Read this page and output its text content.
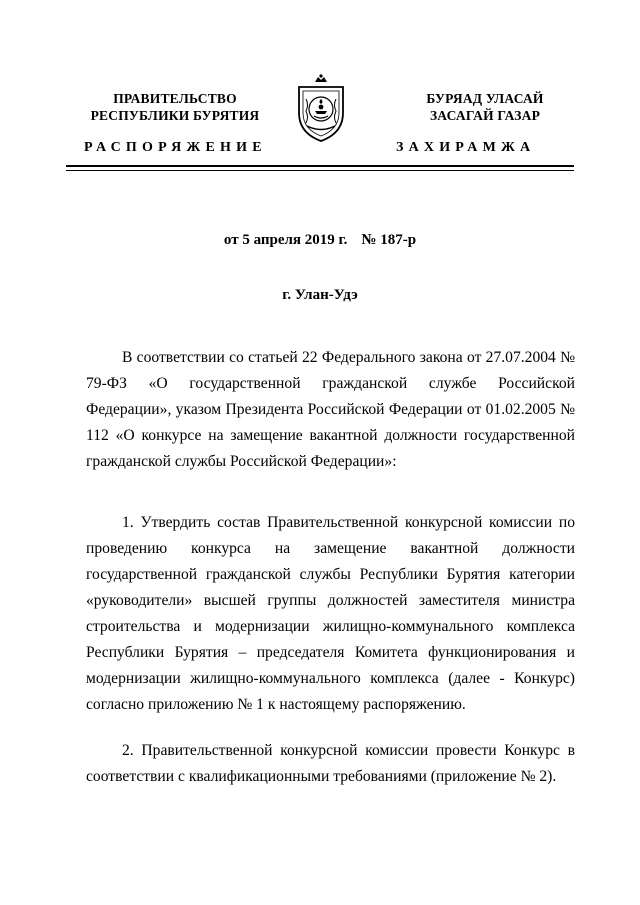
ПРАВИТЕЛЬСТВО
РЕСПУБЛИКИ БУРЯТИЯ
БУРЯАД УЛАСАЙ
ЗАСАГАЙ ГАЗАР
РАСПОРЯЖЕНИЕ	ЗАХИРАМЖА
от 5 апреля 2019 г. № 187-р
г. Улан-Удэ

В соответствии со статьей 22 Федерального закона от 27.07.2004 № 79-ФЗ «О государственной гражданской службе Российской Федерации», указом Президента Российской Федерации от 01.02.2005 № 112 «О конкурсе на замещение вакантной должности государственной гражданской службы Российской Федерации»:

1. Утвердить состав Правительственной конкурсной комиссии по проведению конкурса на замещение вакантной должности государственной гражданской службы Республики Бурятия категории «руководители» высшей группы должностей заместителя министра строительства и модернизации жилищно-коммунального комплекса Республики Бурятия – председателя Комитета функционирования и модернизации жилищно-коммунального комплекса (далее - Конкурс) согласно приложению № 1 к настоящему распоряжению.

2. Правительственной конкурсной комиссии провести Конкурс в соответствии с квалификационными требованиями (приложение № 2).
